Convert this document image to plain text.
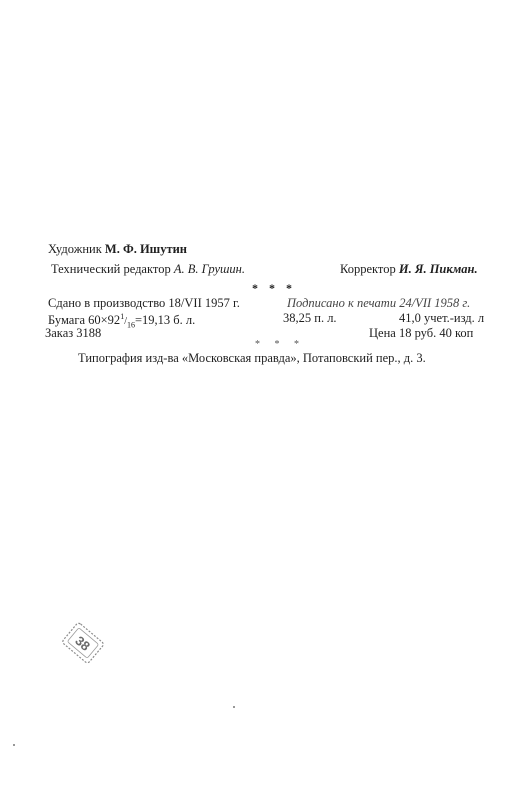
Художник М. Ф. Ишутин
Технический редактор А. В. Грушин.	Корректор И. Я. Пикман.
* * *
Сдано в производство 18/VII 1957 г.	Подписано к печати 24/VII 1958 г.
Бумага $60\times 92^1/_{16}=19,13$ б. л.	38,25 п. л.	41,0 учет.-изд. л
Заказ 3188	Цена 18 руб. 40 коп
* * *
Типография изд-ва «Московская правда», Потаповский пер., д. 3.
38
